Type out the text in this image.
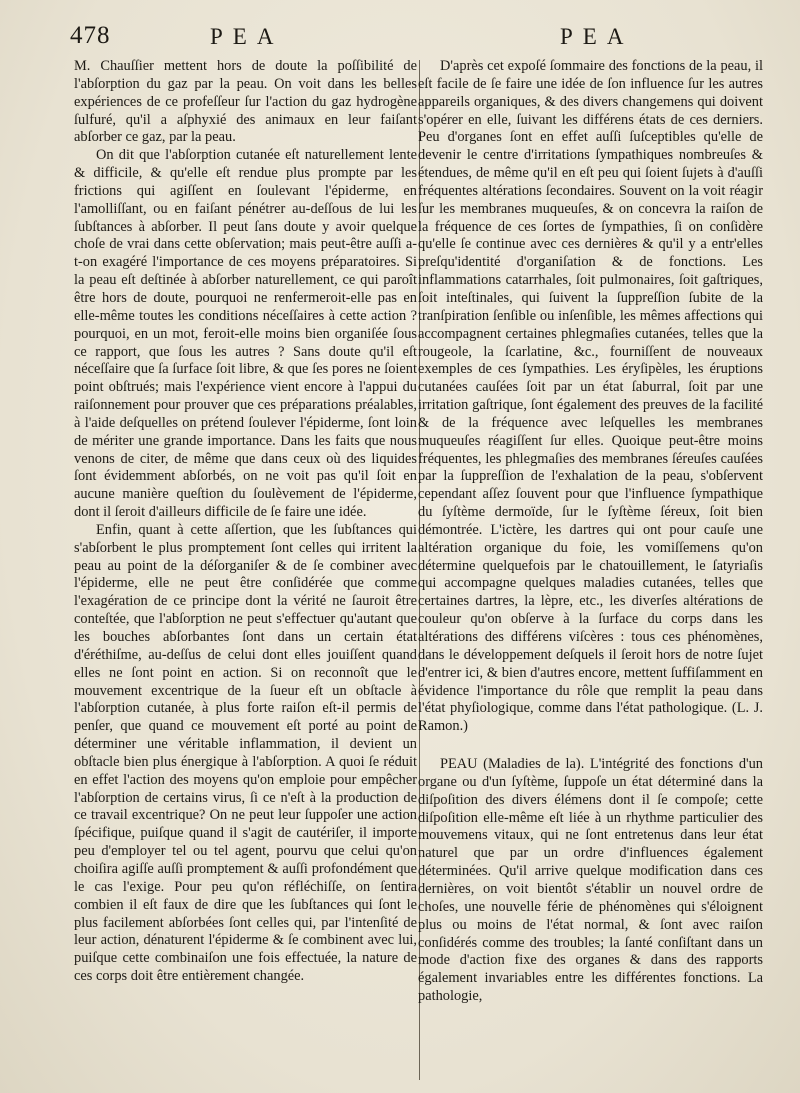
478	PEA	PEA

M. Chauſſier mettent hors de doute la poſſibilité de l'abſorption du gaz par la peau. On voit dans les belles expériences de ce profeſſeur ſur l'action du gaz hydrogène ſulfuré, qu'il a aſphyxié des animaux en leur faiſant abſorber ce gaz, par la peau.

On dit que l'abſorption cutanée eſt naturellement lente & difficile, & qu'elle eſt rendue plus prompte par les frictions qui agiſſent en ſoulevant l'épiderme, en l'amolliſſant, ou en faiſant pénétrer au-deſſous de lui les ſubſtances à abſorber. Il peut ſans doute y avoir quelque choſe de vrai dans cette obſervation; mais peut-être auſſi a-t-on exagéré l'importance de ces moyens préparatoires. Si la peau eſt deſtinée à abſorber naturellement, ce qui paroît être hors de doute, pourquoi ne renfermeroit-elle pas en elle-même toutes les conditions néceſſaires à cette action ? pourquoi, en un mot, feroit-elle moins bien organiſée ſous ce rapport, que ſous les autres ? Sans doute qu'il eſt néceſſaire que ſa ſurface ſoit libre, & que ſes pores ne ſoient point obſtrués; mais l'expérience vient encore à l'appui du raiſonnement pour prouver que ces préparations préalables, à l'aide deſquelles on prétend ſoulever l'épiderme, ſont loin de mériter une grande importance. Dans les faits que nous venons de citer, de même que dans ceux où des liquides ſont évidemment abſorbés, on ne voit pas qu'il ſoit en aucune manière queſtion du ſoulèvement de l'épiderme, dont il ſeroit d'ailleurs difficile de ſe faire une idée.

Enfin, quant à cette aſſertion, que les ſubſtances qui s'abſorbent le plus promptement ſont celles qui irritent la peau au point de la déſorganiſer & de ſe combiner avec l'épiderme, elle ne peut être conſidérée que comme l'exagération de ce principe dont la vérité ne ſauroit être conteſtée, que l'abſorption ne peut s'effectuer qu'autant que les bouches abſorbantes ſont dans un certain état d'éréthiſme, au-deſſus de celui dont elles jouiſſent quand elles ne ſont point en action. Si on reconnoît que le mouvement excentrique de la ſueur eſt un obſtacle à l'abſorption cutanée, à plus forte raiſon eſt-il permis de penſer, que quand ce mouvement eſt porté au point de déterminer une véritable inflammation, il devient un obſtacle bien plus énergique à l'abſorption. A quoi ſe réduit en effet l'action des moyens qu'on emploie pour empêcher l'abſorption de certains virus, ſi ce n'eſt à la production de ce travail excentrique? On ne peut leur ſuppoſer une action ſpécifique, puiſque quand il s'agit de cautériſer, il importe peu d'employer tel ou tel agent, pourvu que celui qu'on choiſira agiſſe auſſi promptement & auſſi profondément que le cas l'exige. Pour peu qu'on réfléchiſſe, on ſentira combien il eſt faux de dire que les ſubſtances qui ſont le plus facilement abſorbées ſont celles qui, par l'intenſité de leur action, dénaturent l'épiderme & ſe combinent avec lui, puiſque cette combinaiſon une fois effectuée, la nature de ces corps doit être entièrement changée.

D'après cet expoſé ſommaire des fonctions de la peau, il eſt facile de ſe faire une idée de ſon influence ſur les autres appareils organiques, & des divers changemens qui doivent s'opérer en elle, ſuivant les différens états de ces derniers. Peu d'organes ſont en effet auſſi ſuſceptibles qu'elle de devenir le centre d'irritations ſympathiques nombreuſes & étendues, de même qu'il en eſt peu qui ſoient ſujets à d'auſſi fréquentes altérations ſecondaires. Souvent on la voit réagir ſur les membranes muqueuſes, & on concevra la raiſon de la fréquence de ces ſortes de ſympathies, ſi on conſidère qu'elle ſe continue avec ces dernières & qu'il y a entr'elles preſqu'identité d'organiſation & de fonctions. Les inflammations catarrhales, ſoit pulmonaires, ſoit gaſtriques, ſoit inteſtinales, qui ſuivent la ſuppreſſion ſubite de la tranſpiration ſenſible ou inſenſible, les mêmes affections qui accompagnent certaines phlegmaſies cutanées, telles que la rougeole, la ſcarlatine, &c., fourniſſent de nouveaux exemples de ces ſympathies. Les éryſipèles, les éruptions cutanées cauſées ſoit par un état ſaburral, ſoit par une irritation gaſtrique, ſont également des preuves de la facilité & de la fréquence avec leſquelles les membranes muqueuſes réagiſſent ſur elles. Quoique peut-être moins fréquentes, les phlegmaſies des membranes ſéreuſes cauſées par la ſuppreſſion de l'exhalation de la peau, s'obſervent cependant aſſez ſouvent pour que l'influence ſympathique du ſyſtème dermoïde, ſur le ſyſtème ſéreux, ſoit bien démontrée. L'ictère, les dartres qui ont pour cauſe une altération organique du foie, les vomiſſemens qu'on détermine quelquefois par le chatouillement, le ſatyriaſis qui accompagne quelques maladies cutanées, telles que certaines dartres, la lèpre, etc., les diverſes altérations de couleur qu'on obſerve à la ſurface du corps dans les altérations des différens viſcères : tous ces phénomènes, dans le développement deſquels il ſeroit hors de notre ſujet d'entrer ici, & bien d'autres encore, mettent ſuffiſamment en évidence l'importance du rôle que remplit la peau dans l'état phyſiologique, comme dans l'état pathologique. (L. J. Ramon.)

PEAU (Maladies de la). L'intégrité des fonctions d'un organe ou d'un ſyſtème, ſuppoſe un état déterminé dans la diſpoſition des divers élémens dont il ſe compoſe; cette diſpoſition elle-même eſt liée à un rhythme particulier des mouvemens vitaux, qui ne ſont entretenus dans leur état naturel que par un ordre d'influences également déterminées. Qu'il arrive quelque modification dans ces dernières, on voit bientôt s'établir un nouvel ordre de choſes, une nouvelle férie de phénomènes qui s'éloignent plus ou moins de l'état normal, & ſont avec raiſon conſidérés comme des troubles; la ſanté conſiſtant dans un mode d'action fixe des organes & dans des rapports également invariables entre les différentes fonctions. La pathologie,
